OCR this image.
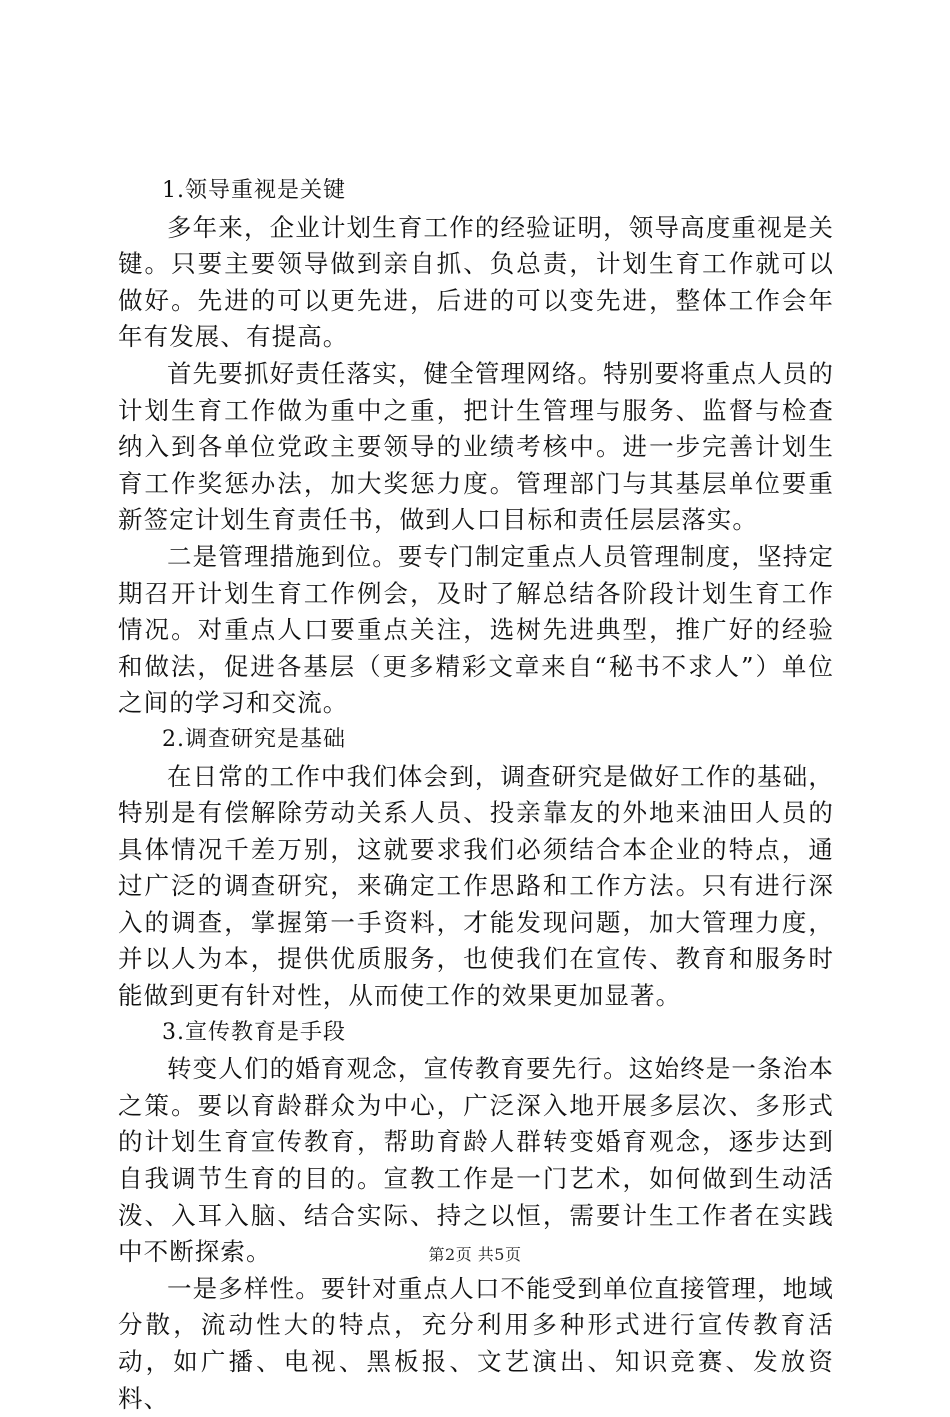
1.领导重视是关键

多年来，企业计划生育工作的经验证明，领导高度重视是关键。只要主要领导做到亲自抓、负总责，计划生育工作就可以做好。先进的可以更先进，后进的可以变先进，整体工作会年年有发展、有提高。

首先要抓好责任落实，健全管理网络。特别要将重点人员的计划生育工作做为重中之重，把计生管理与服务、监督与检查纳入到各单位党政主要领导的业绩考核中。进一步完善计划生育工作奖惩办法，加大奖惩力度。管理部门与其基层单位要重新签定计划生育责任书，做到人口目标和责任层层落实。

二是管理措施到位。要专门制定重点人员管理制度，坚持定期召开计划生育工作例会，及时了解总结各阶段计划生育工作情况。对重点人口要重点关注，选树先进典型，推广好的经验和做法，促进各基层（更多精彩文章来自“秘书不求人”）单位之间的学习和交流。

2.调查研究是基础

在日常的工作中我们体会到，调查研究是做好工作的基础，特别是有偿解除劳动关系人员、投亲靠友的外地来油田人员的具体情况千差万别，这就要求我们必须结合本企业的特点，通过广泛的调查研究，来确定工作思路和工作方法。只有进行深入的调查，掌握第一手资料，才能发现问题，加大管理力度，并以人为本，提供优质服务，也使我们在宣传、教育和服务时能做到更有针对性，从而使工作的效果更加显著。

3.宣传教育是手段

转变人们的婚育观念，宣传教育要先行。这始终是一条治本之策。要以育龄群众为中心，广泛深入地开展多层次、多形式的计划生育宣传教育，帮助育龄人群转变婚育观念，逐步达到自我调节生育的目的。宣教工作是一门艺术，如何做到生动活泼、入耳入脑、结合实际、持之以恒，需要计生工作者在实践中不断探索。

一是多样性。要针对重点人口不能受到单位直接管理，地域分散，流动性大的特点，充分利用多种形式进行宣传教育活动，如广播、电视、黑板报、文艺演出、知识竞赛、发放资料、

第2页 共5页
